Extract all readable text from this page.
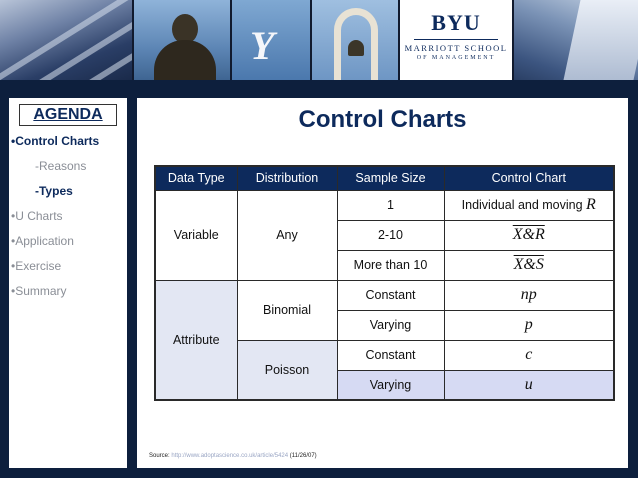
Y
BYU
MARRIOTT SCHOOL
OF MANAGEMENT
AGENDA
•Control Charts
-Reasons
-Types
•U Charts
•Application
•Exercise
•Summary
Control Charts
Data Type	Distribution	Sample Size	Control Chart
Variable	Any	1	Individual and moving R
		2-10	X&R
		More than 10	X&S
Attribute	Binomial	Constant	np
		Varying	p
	Poisson	Constant	c
		Varying	u
Source: http://www.adoptascience.co.uk/article/5424 (11/26/07)
